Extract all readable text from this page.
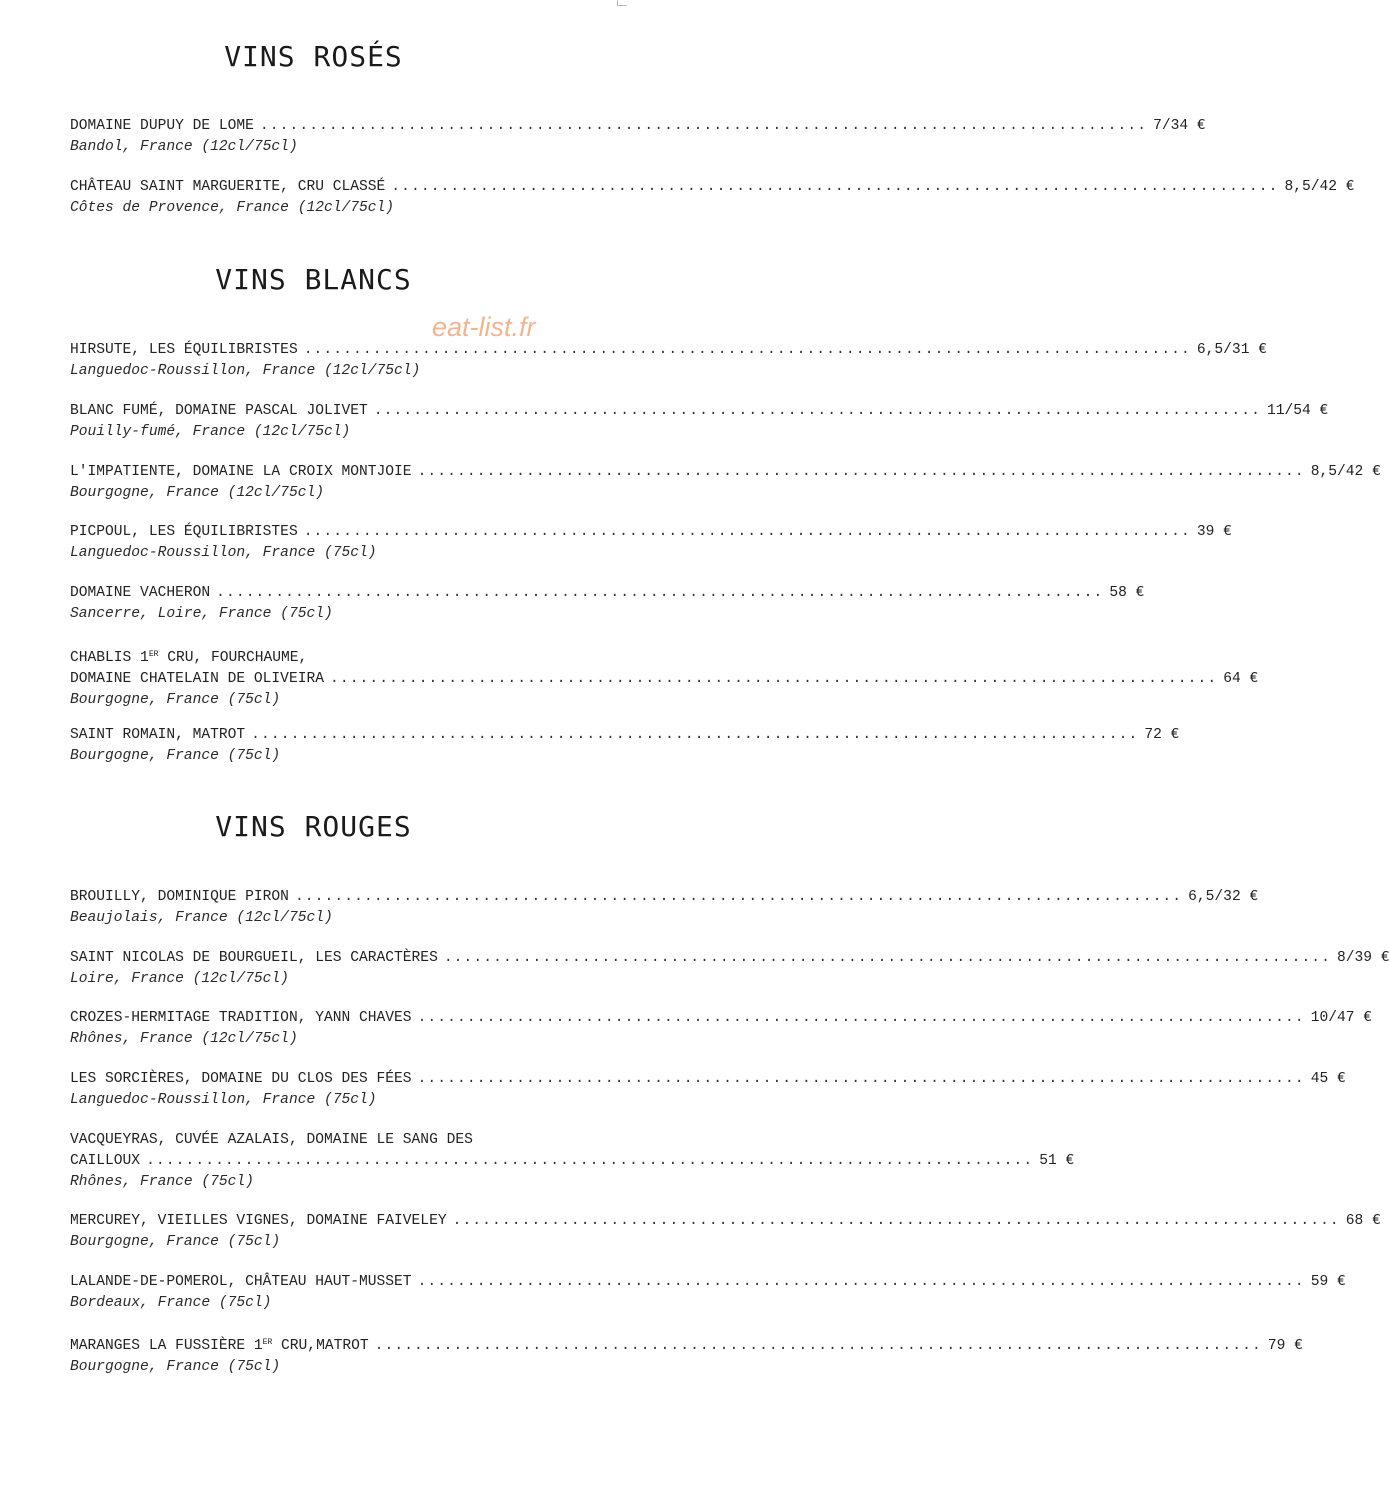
VINS ROSÉS
DOMAINE DUPUY DE LOME .......................................................................................... 7/34 €
Bandol, France (12cl/75cl)
CHÂTEAU SAINT MARGUERITE, CRU CLASSÉ .......................................................................................... 8,5/42 €
Côtes de Provence, France (12cl/75cl)
VINS BLANCS
HIRSUTE, LES ÉQUILIBRISTES .......................................................................................... 6,5/31 €
Languedoc-Roussillon, France (12cl/75cl)
BLANC FUMÉ, DOMAINE PASCAL JOLIVET .......................................................................................... 11/54 €
Pouilly-fumé, France (12cl/75cl)
L'IMPATIENTE, DOMAINE LA CROIX MONTJOIE .......................................................................................... 8,5/42 €
Bourgogne, France (12cl/75cl)
PICPOUL, LES ÉQUILIBRISTES .......................................................................................... 39 €
Languedoc-Roussillon, France (75cl)
DOMAINE VACHERON .......................................................................................... 58 €
Sancerre, Loire, France (75cl)
CHABLIS 1ER CRU, FOURCHAUME,
DOMAINE CHATELAIN DE OLIVEIRA .......................................................................................... 64 €
Bourgogne, France (75cl)
SAINT ROMAIN, MATROT .......................................................................................... 72 €
Bourgogne, France (75cl)
VINS ROUGES
BROUILLY, DOMINIQUE PIRON .......................................................................................... 6,5/32 €
Beaujolais, France (12cl/75cl)
SAINT NICOLAS DE BOURGUEIL, LES CARACTÈRES .......................................................................................... 8/39 €
Loire, France (12cl/75cl)
CROZES-HERMITAGE TRADITION, YANN CHAVES .......................................................................................... 10/47 €
Rhônes, France (12cl/75cl)
LES SORCIÈRES, DOMAINE DU CLOS DES FÉES .......................................................................................... 45 €
Languedoc-Roussillon, France (75cl)
VACQUEYRAS, CUVÉE AZALAIS, DOMAINE LE SANG DES
CAILLOUX .......................................................................................... 51 €
Rhônes, France (75cl)
MERCUREY, VIEILLES VIGNES, DOMAINE FAIVELEY .......................................................................................... 68 €
Bourgogne, France (75cl)
LALANDE-DE-POMEROL, CHÂTEAU HAUT-MUSSET .......................................................................................... 59 €
Bordeaux, France (75cl)
MARANGES LA FUSSIÈRE 1ER CRU,MATROT .......................................................................................... 79 €
Bourgogne, France (75cl)
eat-list.fr
